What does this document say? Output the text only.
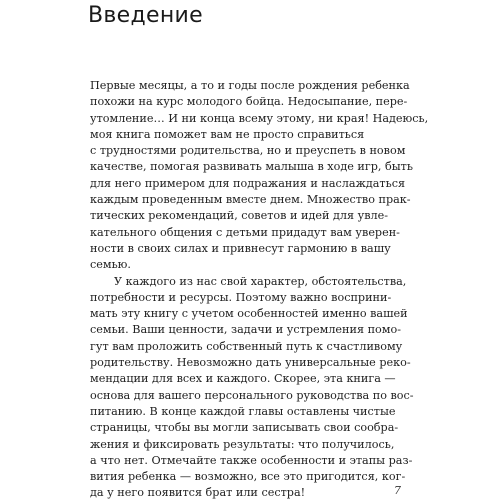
Введение
Первые месяцы, а то и годы после рождения ребенка
похожи на курс молодого бойца. Недосыпание, пере-
утомление… И ни конца всему этому, ни края! Надеюсь,
моя книга поможет вам не просто справиться
с трудностями родительства, но и преуспеть в новом
качестве, помогая развивать малыша в ходе игр, быть
для него примером для подражания и наслаждаться
каждым проведенным вместе днем. Множество прак-
тических рекомендаций, советов и идей для увле-
кательного общения с детьми придадут вам уверен-
ности в своих силах и привнесут гармонию в вашу
семью.
У каждого из нас свой характер, обстоятельства,
потребности и ресурсы. Поэтому важно восприни-
мать эту книгу с учетом особенностей именно вашей
семьи. Ваши ценности, задачи и устремления помо-
гут вам проложить собственный путь к счастливому
родительству. Невозможно дать универсальные реко-
мендации для всех и каждого. Скорее, эта книга —
основа для вашего персонального руководства по вос-
питанию. В конце каждой главы оставлены чистые
страницы, чтобы вы могли записывать свои сообра-
жения и фиксировать результаты: что получилось,
а что нет. Отмечайте также особенности и этапы раз-
вития ребенка — возможно, все это пригодится, ког-
да у него появится брат или сестра!	7
